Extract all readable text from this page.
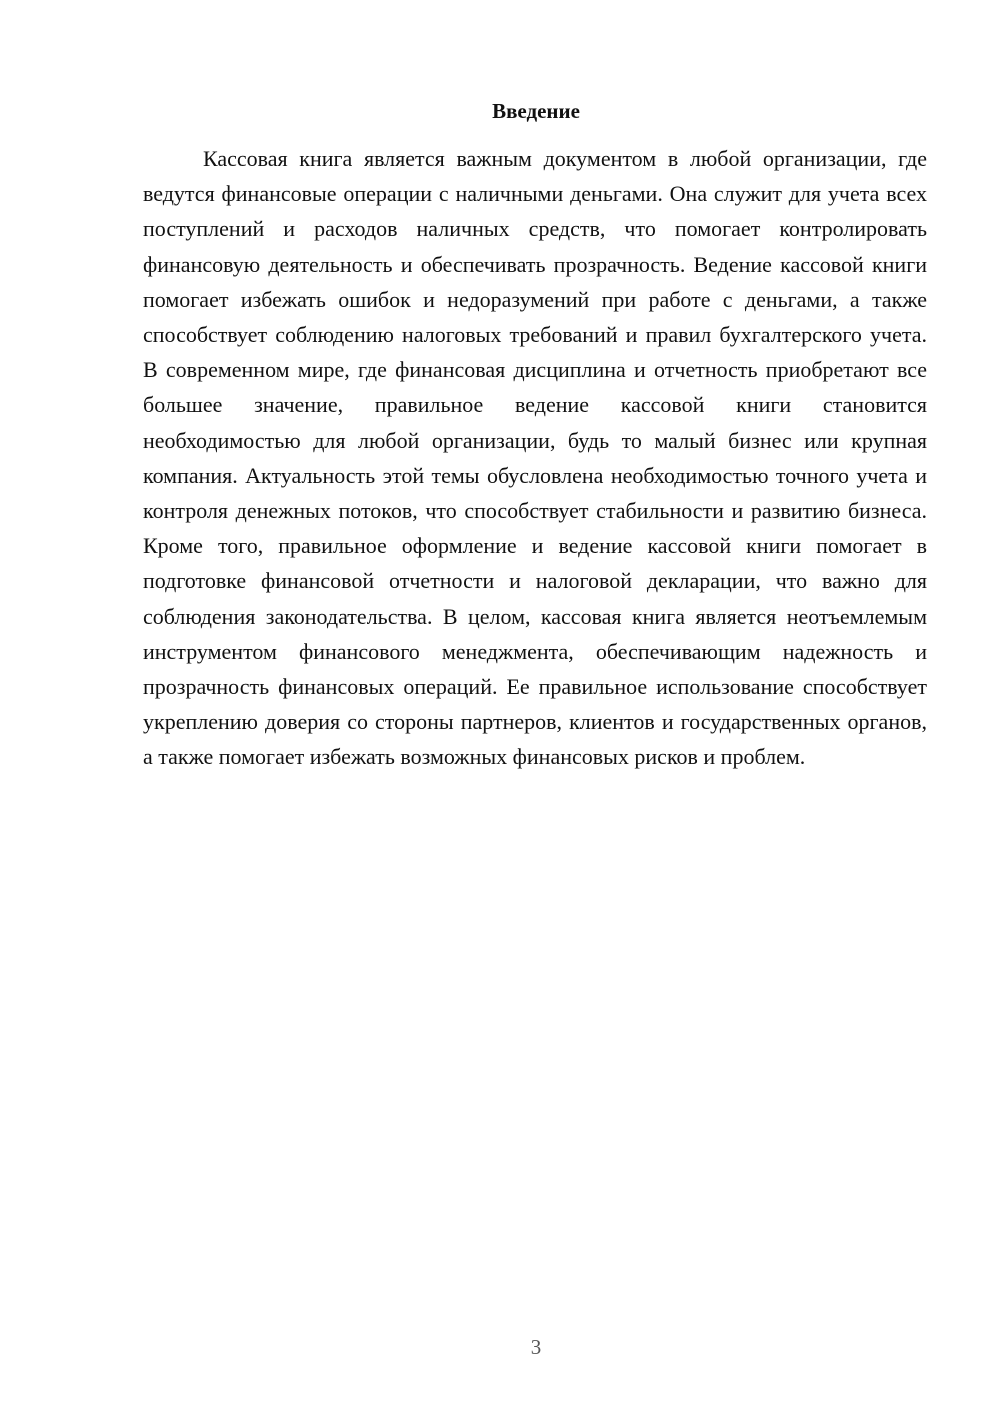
Введение

Кассовая книга является важным документом в любой организации, где ведутся финансовые операции с наличными деньгами. Она служит для учета всех поступлений и расходов наличных средств, что помогает контролировать финансовую деятельность и обеспечивать прозрачность. Ведение кассовой книги помогает избежать ошибок и недоразумений при работе с деньгами, а также способствует соблюдению налоговых требований и правил бухгалтерского учета. В современном мире, где финансовая дисциплина и отчетность приобретают все большее значение, правильное ведение кассовой книги становится необходимостью для любой организации, будь то малый бизнес или крупная компания. Актуальность этой темы обусловлена необходимостью точного учета и контроля денежных потоков, что способствует стабильности и развитию бизнеса. Кроме того, правильное оформление и ведение кассовой книги помогает в подготовке финансовой отчетности и налоговой декларации, что важно для соблюдения законодательства. В целом, кассовая книга является неотъемлемым инструментом финансового менеджмента, обеспечивающим надежность и прозрачность финансовых операций. Ее правильное использование способствует укреплению доверия со стороны партнеров, клиентов и государственных органов, а также помогает избежать возможных финансовых рисков и проблем.

3
